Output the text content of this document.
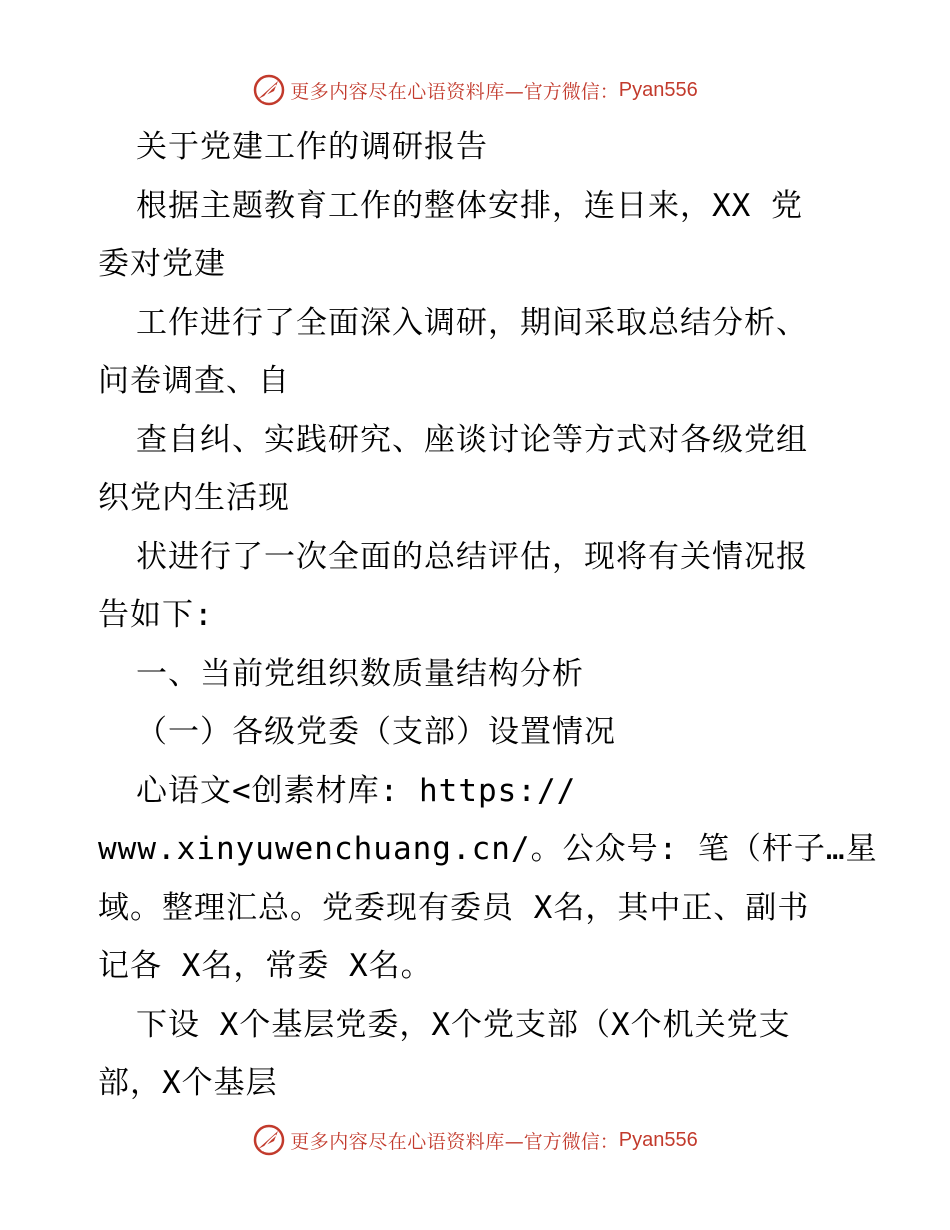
更多内容尽在心语资料库 —官方微信： Pyan556
关于党建工作的调研报告
根据主题教育工作的整体安排，连日来，XX 党
委对党建
工作进行了全面深入调研，期间采取总结分析、
问卷调查、自
查自纠、实践研究、座谈讨论等方式对各级党组
织党内生活现
状进行了一次全面的总结评估，现将有关情况报
告如下:
一、当前党组织数质量结构分析
（一）各级党委（支部）设置情况
心语文<创素材库: https://
www.xinyuwenchuang.cn/。公众号: 笔（杆子…星
域。整理汇总。党委现有委员 X名，其中正、副书
记各 X名，常委 X名。
下设 X个基层党委，X个党支部（X个机关党支
部，X个基层
更多内容尽在心语资料库 —官方微信： Pyan556
